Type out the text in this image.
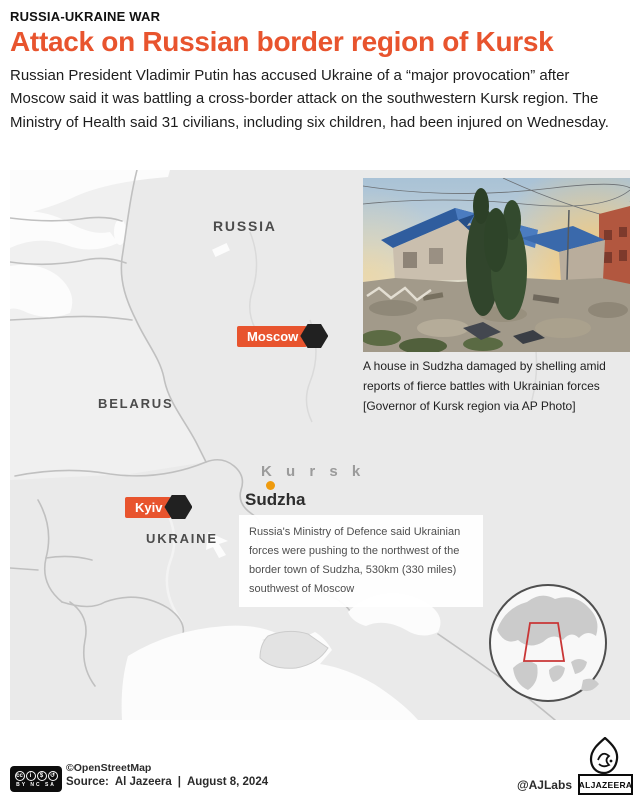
RUSSIA-UKRAINE WAR
Attack on Russian border region of Kursk

Russian President Vladimir Putin has accused Ukraine of a “major provocation” after Moscow said it was battling a cross-border attack on the southwestern Kursk region. The Ministry of Health said 31 civilians, including six children, had been injured on Wednesday.

RUSSIA
BELARUS
UKRAINE
Moscow
Kyiv
K u r s k
Sudzha
Russia's Ministry of Defence said Ukrainian forces were pushing to the northwest of the border town of Sudzha, 530km (330 miles) southwest of Moscow
A house in Sudzha damaged by shelling amid reports of fierce battles with Ukrainian forces [Governor of Kursk region via AP Photo]
cc	i	$	↺
BY NC SA
©OpenStreetMap
Source: Al Jazeera | August 8, 2024	@AJLabs ALJAZEERA
